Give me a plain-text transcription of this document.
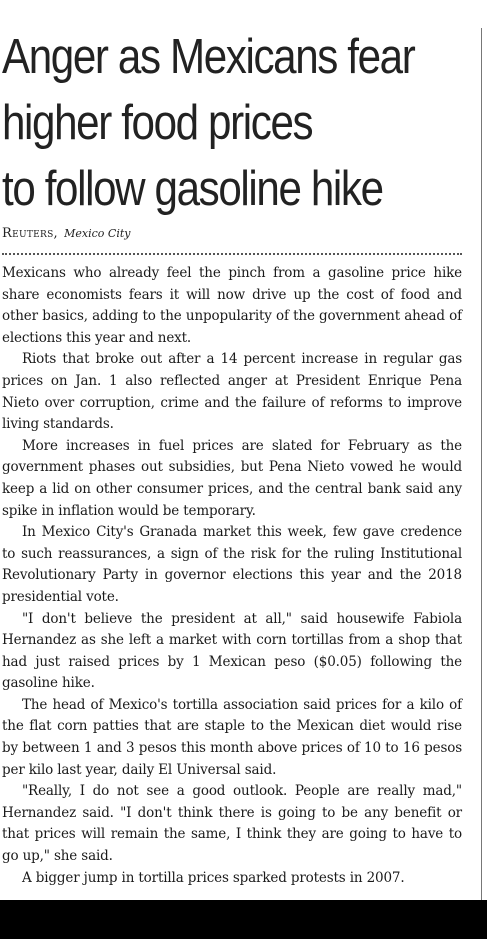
Anger as Mexicans fear
higher food prices
to follow gasoline hike
Reuters, Mexico City

Mexicans who already feel the pinch from a gasoline price hike share economists fears it will now drive up the cost of food and other basics, adding to the unpopularity of the government ahead of elections this year and next.

Riots that broke out after a 14 percent increase in regular gas prices on Jan. 1 also reflected anger at President Enrique Pena Nieto over corruption, crime and the failure of reforms to improve living standards.

More increases in fuel prices are slated for February as the government phases out subsidies, but Pena Nieto vowed he would keep a lid on other consumer prices, and the central bank said any spike in inflation would be temporary.

In Mexico City's Granada market this week, few gave credence to such reassurances, a sign of the risk for the ruling Institutional Revolutionary Party in governor elections this year and the 2018 presidential vote.

"I don't believe the president at all," said housewife Fabiola Hernandez as she left a market with corn tortillas from a shop that had just raised prices by 1 Mexican peso ($0.05) following the gasoline hike.

The head of Mexico's tortilla association said prices for a kilo of the flat corn patties that are staple to the Mexican diet would rise by between 1 and 3 pesos this month above prices of 10 to 16 pesos per kilo last year, daily El Universal said.

"Really, I do not see a good outlook. People are really mad," Hernandez said. "I don't think there is going to be any benefit or that prices will remain the same, I think they are going to have to go up," she said.

A bigger jump in tortilla prices sparked protests in 2007.
